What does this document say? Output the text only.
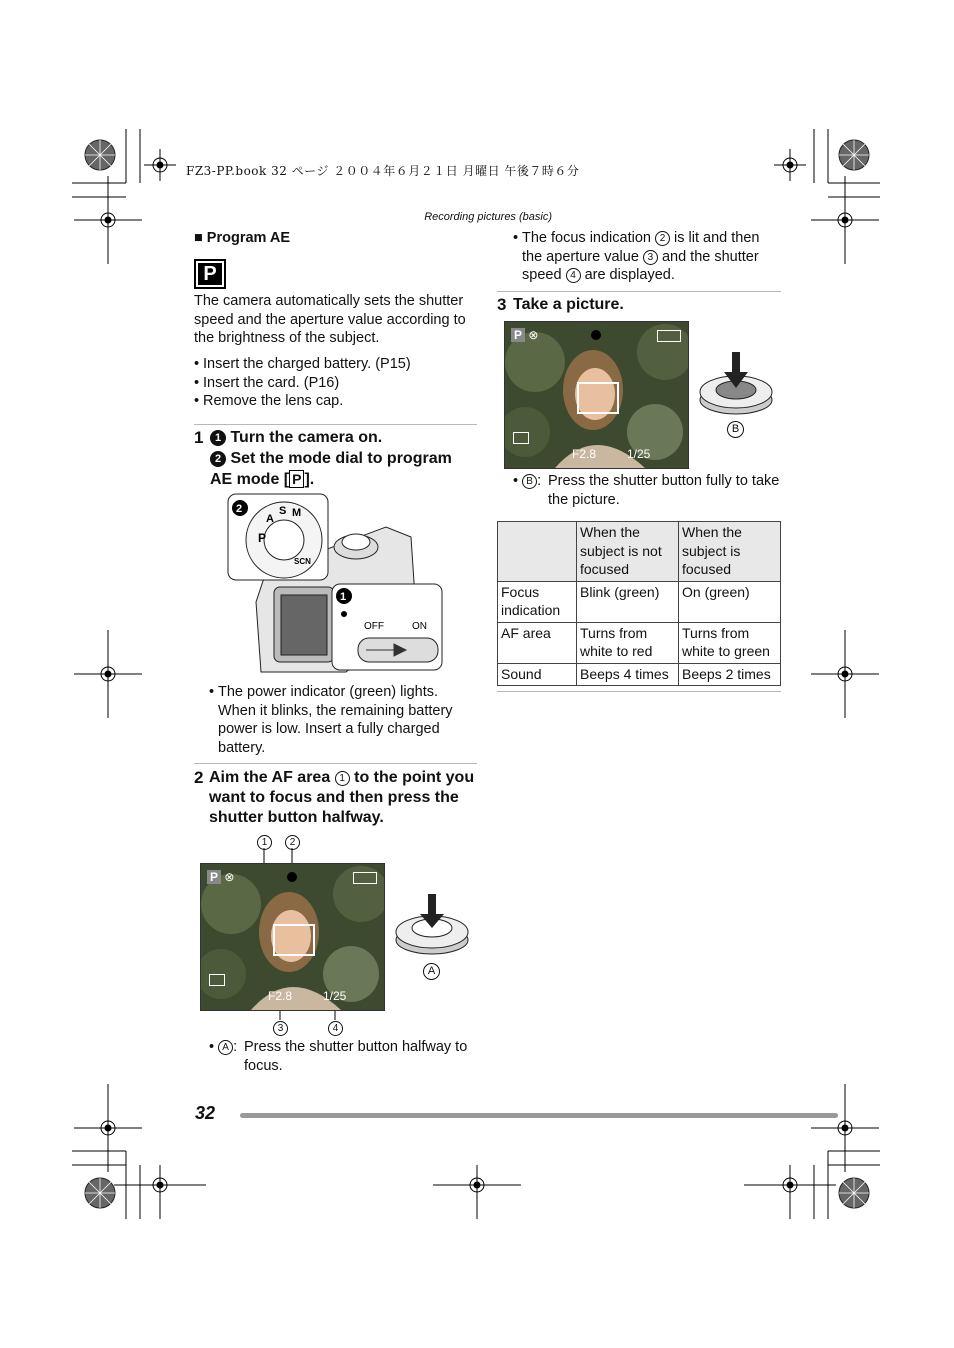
FZ3-PP.book 32 ページ ２００４年６月２１日 月曜日 午後７時６分
Recording pictures (basic)
■ Program AE
P
The camera automatically sets the shutter speed and the aperture value according to the brightness of the subject.
• Insert the charged battery. (P15)
• Insert the card. (P16)
• Remove the lens cap.
1	1 Turn the camera on.
2 Set the mode dial to program AE mode [ P ].
P
A
S M
SCN
2
1
OFF	ON
• The power indicator (green) lights. When it blinks, the remaining battery power is low. Insert a fully charged battery.
2 Aim the AF area 1 to the point you want to focus and then press the shutter button halfway.
1	2
3	4
P ⊗
F2.8	1/25
A
• A : Press the shutter button halfway to focus.
• The focus indication 2 is lit and then the aperture value 3 and the shutter speed 4 are displayed.
3 Take a picture.
P ⊗
F2.8	1/25
B
• B : Press the shutter button fully to take the picture.
	When the subject is not focused	When the subject is focused
Focus indication	Blink (green)	On (green)
AF area	Turns from white to red	Turns from white to green
Sound	Beeps 4 times	Beeps 2 times
32
